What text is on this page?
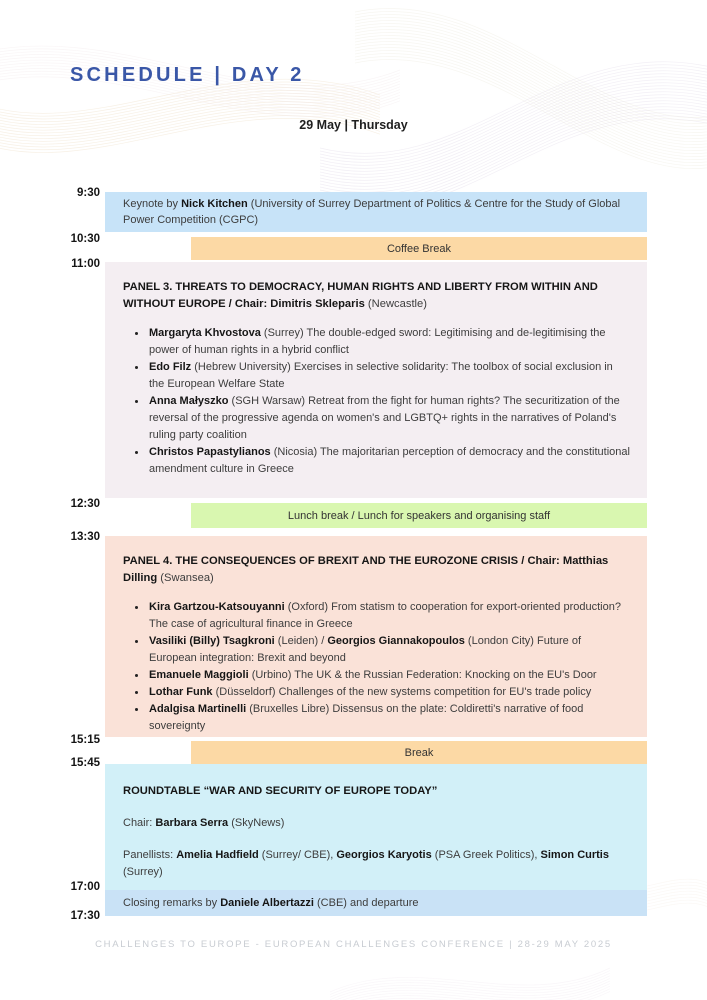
SCHEDULE | DAY 2
29 May | Thursday
9:30
10:30
11:00
12:30
13:30
15:15
15:45
17:00
17:30

Keynote by Nick Kitchen (University of Surrey Department of Politics & Centre for the Study of Global Power Competition (CGPC)

Coffee Break

PANEL 3. THREATS TO DEMOCRACY, HUMAN RIGHTS AND LIBERTY FROM WITHIN AND WITHOUT EUROPE / Chair: Dimitris Skleparis (Newcastle)

• Margaryta Khvostova (Surrey) The double-edged sword: Legitimising and de-legitimising the power of human rights in a hybrid conflict
• Edo Filz (Hebrew University) Exercises in selective solidarity: The toolbox of social exclusion in the European Welfare State
• Anna Małyszko (SGH Warsaw) Retreat from the fight for human rights? The securitization of the reversal of the progressive agenda on women's and LGBTQ+ rights in the narratives of Poland's ruling party coalition
• Christos Papastylianos (Nicosia) The majoritarian perception of democracy and the constitutional amendment culture in Greece
Lunch break / Lunch for speakers and organising staff

PANEL 4. THE CONSEQUENCES OF BREXIT AND THE EUROZONE CRISIS / Chair: Matthias Dilling (Swansea)

• Kira Gartzou-Katsouyanni (Oxford) From statism to cooperation for export-oriented production? The case of agricultural finance in Greece
• Vasiliki (Billy) Tsagkroni (Leiden) / Georgios Giannakopoulos (London City) Future of European integration: Brexit and beyond
• Emanuele Maggioli (Urbino) The UK & the Russian Federation: Knocking on the EU's Door
• Lothar Funk (Düsseldorf) Challenges of the new systems competition for EU's trade policy
• Adalgisa Martinelli (Bruxelles Libre) Dissensus on the plate: Coldiretti's narrative of food sovereignty
Break

ROUNDTABLE “WAR AND SECURITY OF EUROPE TODAY”

Chair: Barbara Serra (SkyNews)

Panellists: Amelia Hadfield (Surrey/ CBE), Georgios Karyotis (PSA Greek Politics), Simon Curtis (Surrey)

Closing remarks by Daniele Albertazzi (CBE) and departure

CHALLENGES TO EUROPE - EUROPEAN CHALLENGES CONFERENCE | 28-29 MAY 2025
